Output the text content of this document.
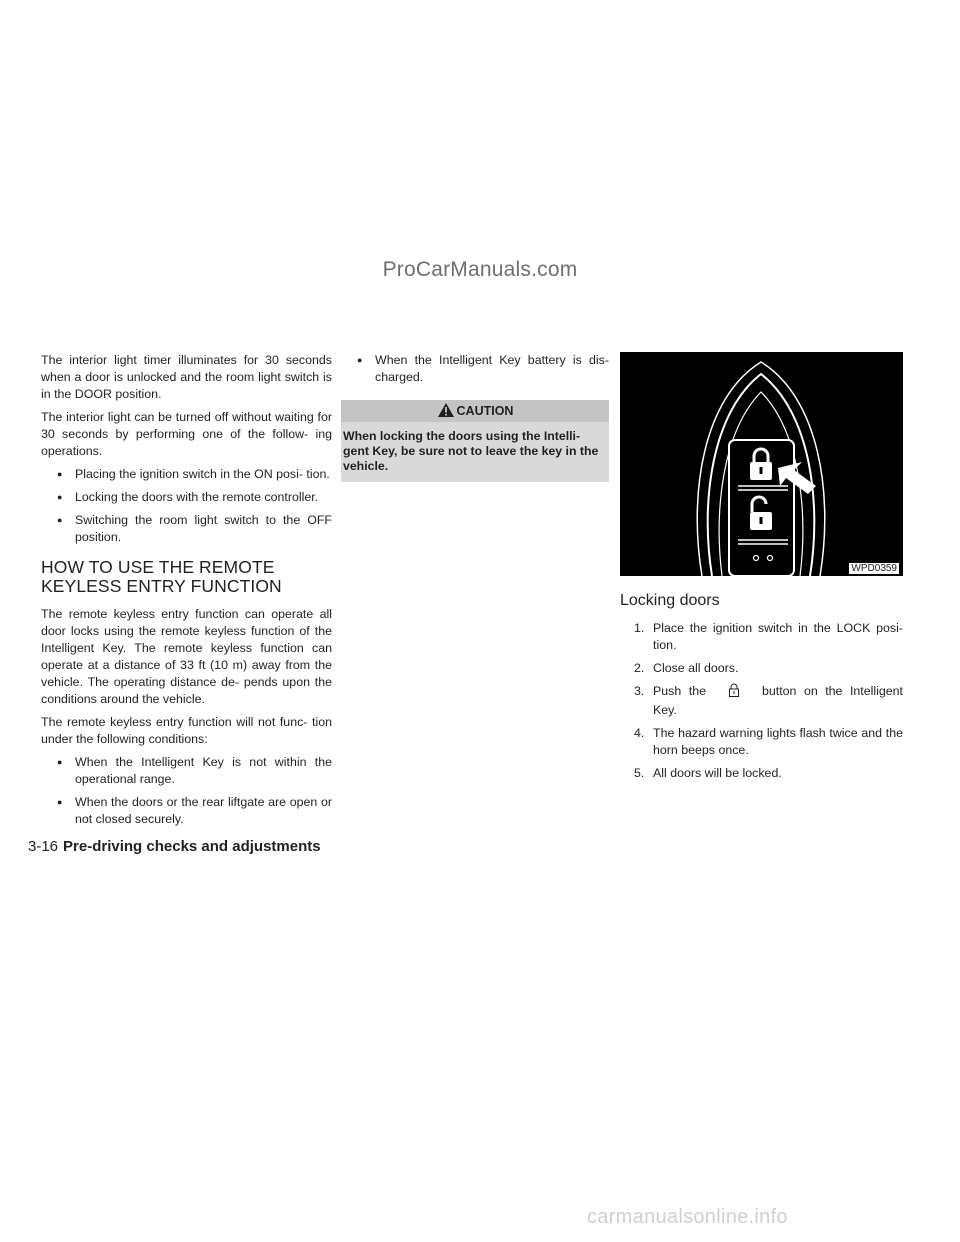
ProCarManuals.com

The interior light timer illuminates for 30 seconds when a door is unlocked and the room light switch is in the DOOR position.

The interior light can be turned off without waiting for 30 seconds by performing one of the follow- ing operations.

● Placing the ignition switch in the ON posi- tion.

● Locking the doors with the remote controller.

● Switching the room light switch to the OFF position.

HOW TO USE THE REMOTE KEYLESS ENTRY FUNCTION

The remote keyless entry function can operate all door locks using the remote keyless function of the Intelligent Key. The remote keyless function can operate at a distance of 33 ft (10 m) away from the vehicle. The operating distance de- pends upon the conditions around the vehicle.

The remote keyless entry function will not func- tion under the following conditions:

● When the Intelligent Key is not within the operational range.

● When the doors or the rear liftgate are open or not closed securely.

● When the Intelligent Key battery is dis- charged.

CAUTION
When locking the doors using the Intelli- gent Key, be sure not to leave the key in the vehicle.
WPD0359
Locking doors

1. Place the ignition switch in the LOCK posi- tion.

2. Close all doors.

3. Push the	button on the Intelligent Key.

4. The hazard warning lights flash twice and the horn beeps once.

5. All doors will be locked.

3-16 Pre-driving checks and adjustments
carmanualsonline.info
